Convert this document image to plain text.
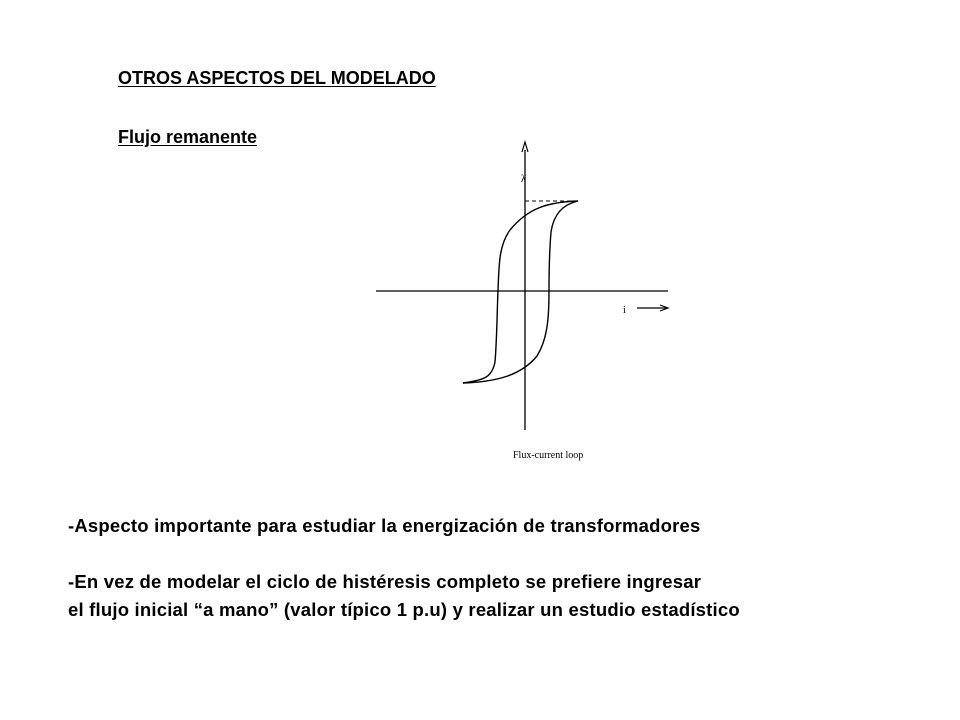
OTROS ASPECTOS DEL MODELADO
Flujo remanente
λ
i
Flux-current loop
-Aspecto importante para estudiar la energización de transformadores
-En vez de modelar el ciclo de histéresis completo se prefiere ingresar
el flujo inicial “a mano” (valor típico 1 p.u) y realizar un estudio estadístico
